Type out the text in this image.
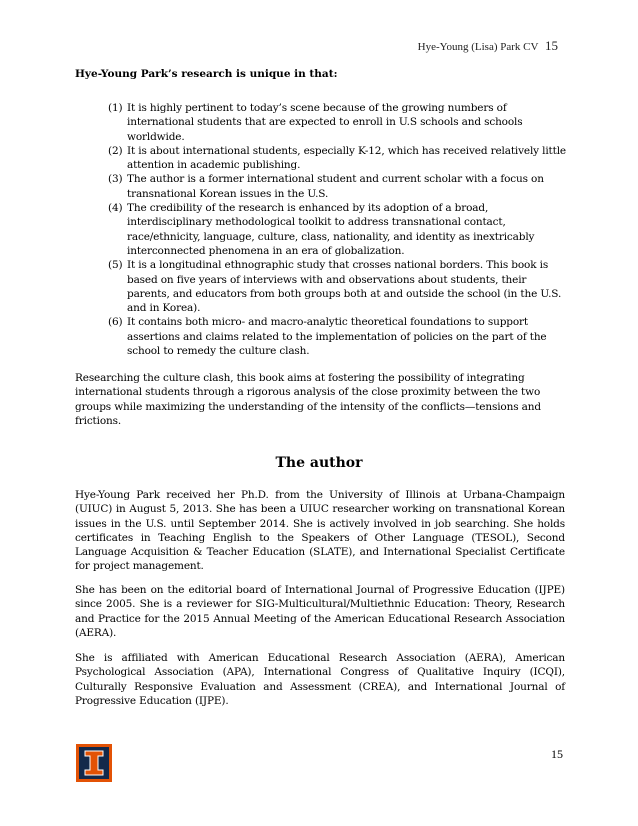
Hye-Young (Lisa) Park CV 15
Hye-Young Park’s research is unique in that:
(1) It is highly pertinent to today’s scene because of the growing numbers of international students that are expected to enroll in U.S schools and schools worldwide.
(2) It is about international students, especially K-12, which has received relatively little attention in academic publishing.
(3) The author is a former international student and current scholar with a focus on transnational Korean issues in the U.S.
(4) The credibility of the research is enhanced by its adoption of a broad, interdisciplinary methodological toolkit to address transnational contact, race/ethnicity, language, culture, class, nationality, and identity as inextricably interconnected phenomena in an era of globalization.
(5) It is a longitudinal ethnographic study that crosses national borders. This book is based on five years of interviews with and observations about students, their parents, and educators from both groups both at and outside the school (in the U.S. and in Korea).
(6) It contains both micro- and macro-analytic theoretical foundations to support assertions and claims related to the implementation of policies on the part of the school to remedy the culture clash.

Researching the culture clash, this book aims at fostering the possibility of integrating international students through a rigorous analysis of the close proximity between the two groups while maximizing the understanding of the intensity of the conflicts—tensions and frictions.

The author

Hye-Young Park received her Ph.D. from the University of Illinois at Urbana-Champaign (UIUC) in August 5, 2013. She has been a UIUC researcher working on transnational Korean issues in the U.S. until September 2014. She is actively involved in job searching. She holds certificates in Teaching English to the Speakers of Other Language (TESOL), Second Language Acquisition & Teacher Education (SLATE), and International Specialist Certificate for project management.

She has been on the editorial board of International Journal of Progressive Education (IJPE) since 2005. She is a reviewer for SIG-Multicultural/Multiethnic Education: Theory, Research and Practice for the 2015 Annual Meeting of the American Educational Research Association (AERA).

She is affiliated with American Educational Research Association (AERA), American Psychological Association (APA), International Congress of Qualitative Inquiry (ICQI), Culturally Responsive Evaluation and Assessment (CREA), and International Journal of Progressive Education (IJPE).

15
